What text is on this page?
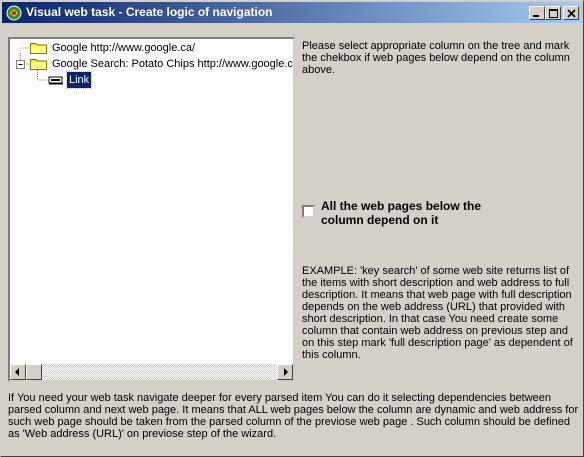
Visual web task - Create logic of navigation
Google http://www.google.ca/
Google Search: Potato Chips http://www.google.c
Link
Please select appropriate column on the tree and mark the chekbox if web pages below depend on the column above.
All the web pages below the column depend on it
EXAMPLE: 'key search' of some web site returns list of the items with short description and web address to full description. It means that web page with full description depends on the web address (URL) that provided with short description. In that case You need create some column that contain web address on previous step and on this step mark 'full description page' as dependent of this column.
If You need your web task navigate deeper for every parsed item You can do it selecting dependencies between parsed column and next web page. It means that ALL web pages below the column are dynamic and web address for such web page should be taken from the parsed column of the previose web page . Such column should be defined as 'Web address (URL)' on previose step of the wizard.
